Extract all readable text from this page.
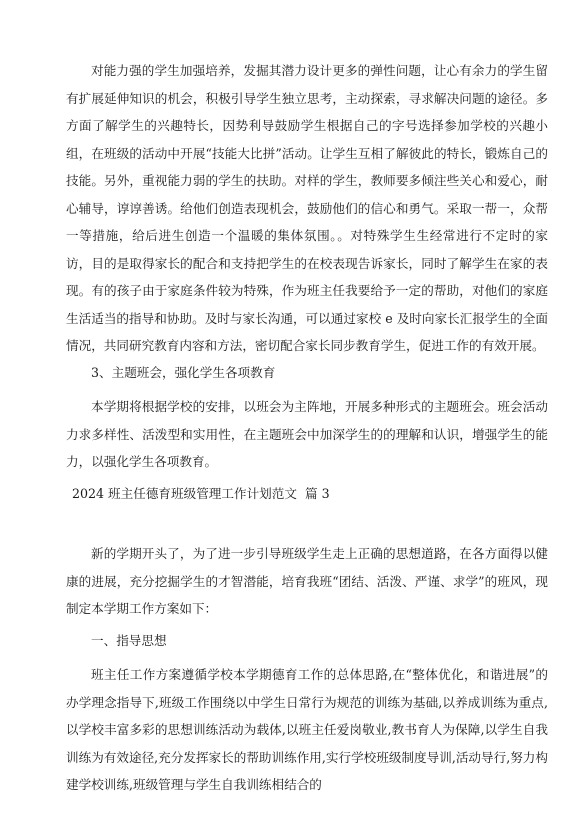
对能力强的学生加强培养，发掘其潜力设计更多的弹性问题，让心有余力的学生留有扩展延伸知识的机会，积极引导学生独立思考，主动探索，寻求解决问题的途径。多方面了解学生的兴趣特长，因势利导鼓励学生根据自己的字号选择参加学校的兴趣小组，在班级的活动中开展“技能大比拼”活动。让学生互相了解彼此的特长，锻炼自己的技能。另外，重视能力弱的学生的扶助。对样的学生，教师要多倾注些关心和爱心，耐心辅导，谆谆善诱。给他们创造表现机会，鼓励他们的信心和勇气。采取一帮一，众帮一等措施，给后进生创造一个温暖的集体氛围。。对特殊学生生经常进行不定时的家访，目的是取得家长的配合和支持把学生的在校表现告诉家长，同时了解学生在家的表现。有的孩子由于家庭条件较为特殊，作为班主任我要给予一定的帮助，对他们的家庭生活适当的指导和协助。及时与家长沟通，可以通过家校 e 及时向家长汇报学生的全面情况，共同研究教育内容和方法，密切配合家长同步教育学生，促进工作的有效开展。

3、主题班会，强化学生各项教育

本学期将根据学校的安排，以班会为主阵地，开展多种形式的主题班会。班会活动力求多样性、活泼型和实用性，在主题班会中加深学生的的理解和认识，增强学生的能力，以强化学生各项教育。

2024 班主任德育班级管理工作计划范文  篇 3

新的学期开头了，为了进一步引导班级学生走上正确的思想道路，在各方面得以健康的进展，充分挖掘学生的才智潜能，培育我班“团结、活泼、严谨、求学”的班风，现制定本学期工作方案如下：

一、指导思想

班主任工作方案遵循学校本学期德育工作的总体思路,在“整体优化，和谐进展”的办学理念指导下,班级工作围绕以中学生日常行为规范的训练为基础,以养成训练为重点,以学校丰富多彩的思想训练活动为载体,以班主任爱岗敬业,教书育人为保障,以学生自我训练为有效途径,充分发挥家长的帮助训练作用,实行学校班级制度导训,活动导行,努力构建学校训练,班级管理与学生自我训练相结合的
